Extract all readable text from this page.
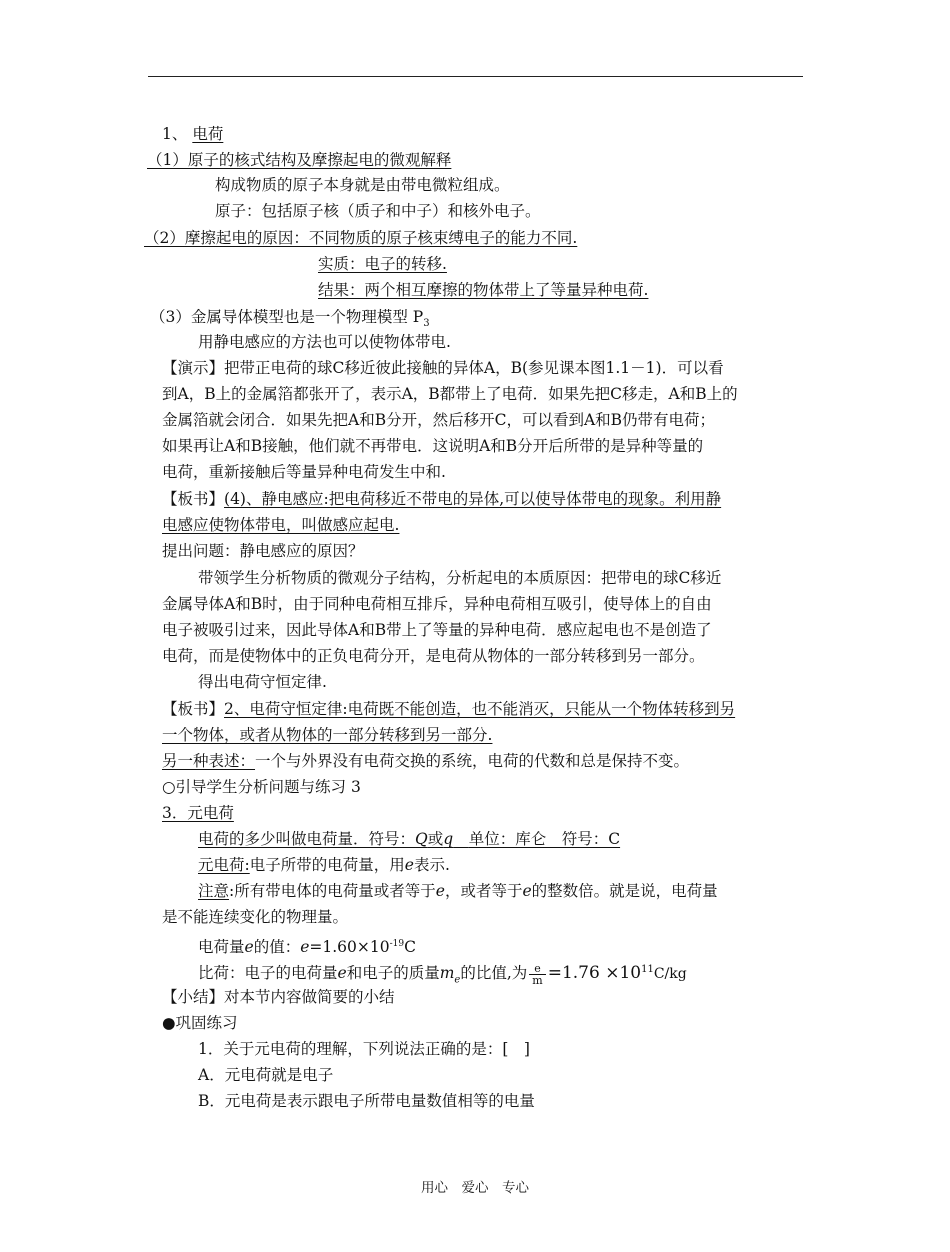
1、 电荷
（1）原子的核式结构及摩擦起电的微观解释
构成物质的原子本身就是由带电微粒组成。
原子：包括原子核（质子和中子）和核外电子。
（2）摩擦起电的原因：不同物质的原子核束缚电子的能力不同.
实质：电子的转移.
结果：两个相互摩擦的物体带上了等量异种电荷.
（3）金属导体模型也是一个物理模型 $P_3$
用静电感应的方法也可以使物体带电.
【演示】把带正电荷的球C移近彼此接触的异体A，B(参见课本图1.1－1)．可以看
到A，B上的金属箔都张开了，表示A，B都带上了电荷．如果先把C移走，A和B上的
金属箔就会闭合．如果先把A和B分开，然后移开C，可以看到A和B仍带有电荷；
如果再让A和B接触，他们就不再带电．这说明A和B分开后所带的是异种等量的
电荷，重新接触后等量异种电荷发生中和.
【板书】(4)、静电感应:把电荷移近不带电的异体,可以使导体带电的现象。利用静
电感应使物体带电，叫做感应起电.
提出问题：静电感应的原因？
带领学生分析物质的微观分子结构，分析起电的本质原因：把带电的球C移近
金属导体A和B时，由于同种电荷相互排斥，异种电荷相互吸引，使导体上的自由
电子被吸引过来，因此导体A和B带上了等量的异种电荷．感应起电也不是创造了
电荷，而是使物体中的正负电荷分开，是电荷从物体的一部分转移到另一部分。
得出电荷守恒定律.
【板书】2、电荷守恒定律:电荷既不能创造，也不能消灭，只能从一个物体转移到另
一个物体，或者从物体的一部分转移到另一部分.
另一种表述：一个与外界没有电荷交换的系统，电荷的代数和总是保持不变。
○引导学生分析问题与练习 3
3．元电荷
电荷的多少叫做电荷量．符号：Q或q　 单位：库仑　符号：C
元电荷:电子所带的电荷量，用e表示.
注意:所有带电体的电荷量或者等于e，或者等于e的整数倍。就是说，电荷量
是不能连续变化的物理量。
电荷量e的值：$e=1.60\times 10^{-19}C$
比荷：电子的电荷量e和电子的质量$m_e$的比值,为 $\frac{e}{m} =1.76 \times 10^{11}C/kg$
【小结】对本节内容做简要的小结
●巩固练习
1．关于元电荷的理解，下列说法正确的是：[　]
A．元电荷就是电子
B．元电荷是表示跟电子所带电量数值相等的电量
用心　爱心　专心
